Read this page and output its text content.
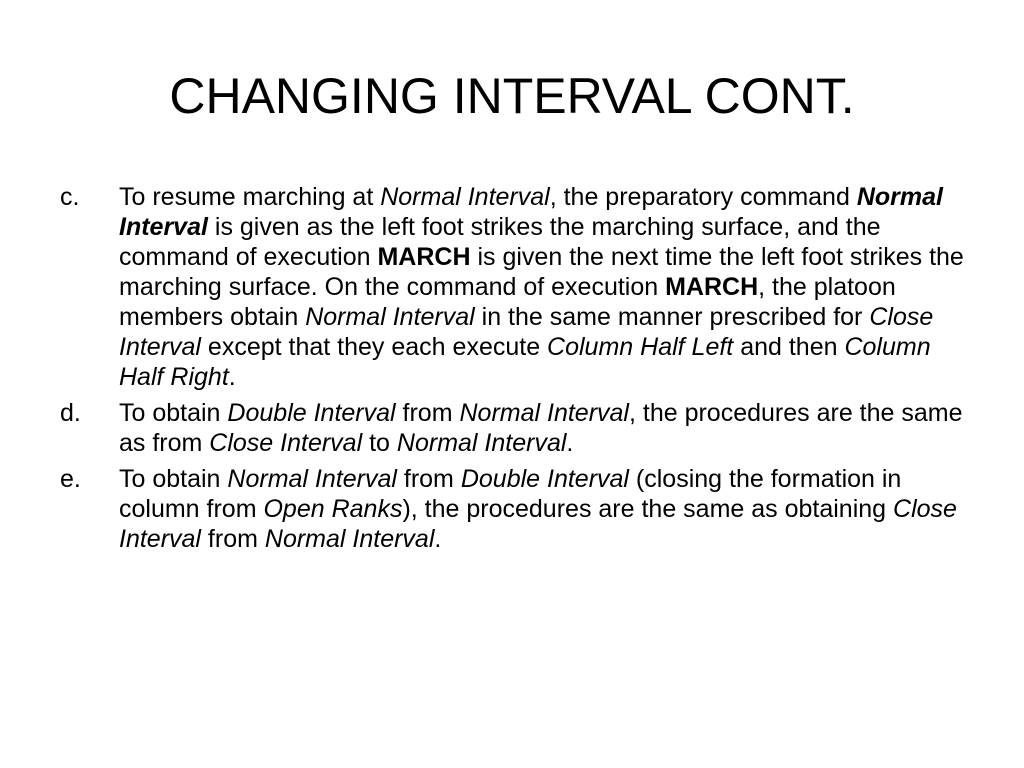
CHANGING INTERVAL CONT.
c.	To resume marching at Normal Interval, the preparatory command Normal Interval is given as the left foot strikes the marching surface, and the command of execution MARCH is given the next time the left foot strikes the marching surface. On the command of execution MARCH, the platoon members obtain Normal Interval in the same manner prescribed for Close Interval except that they each execute Column Half Left and then Column Half Right.
d.	To obtain Double Interval from Normal Interval, the procedures are the same as from Close Interval to Normal Interval.
e.	To obtain Normal Interval from Double Interval (closing the formation in column from Open Ranks), the procedures are the same as obtaining Close Interval from Normal Interval.
